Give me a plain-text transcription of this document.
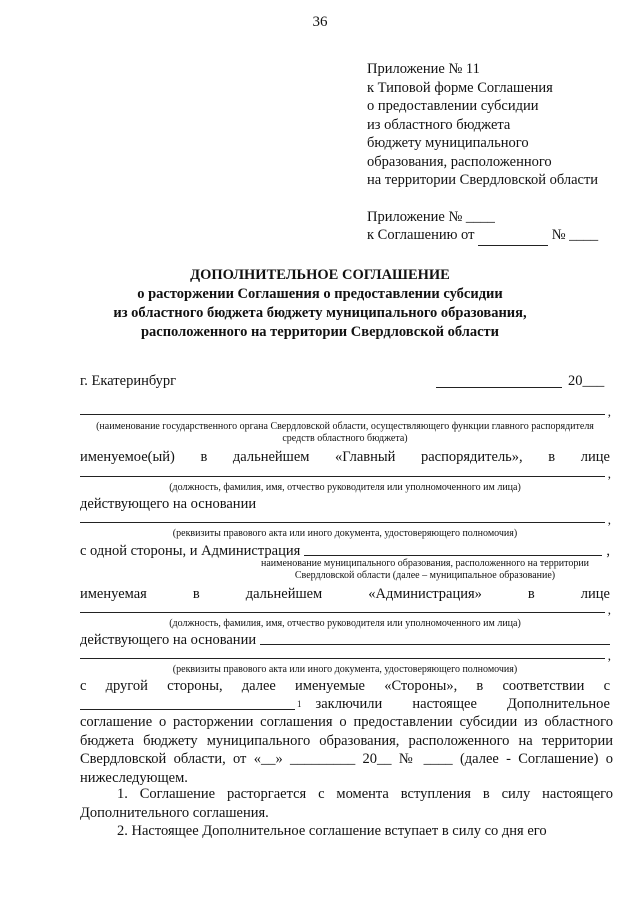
36
Приложение № 11
к Типовой форме Соглашения
о предоставлении субсидии
из областного бюджета
бюджету муниципального
образования, расположенного
на территории Свердловской области
Приложение № ____
к Соглашению от	№ ____
ДОПОЛНИТЕЛЬНОЕ СОГЛАШЕНИЕ
о расторжении Соглашения о предоставлении субсидии
из областного бюджета бюджету муниципального образования,
расположенного на территории Свердловской области
г. Екатеринбург	20___
,
(наименование государственного органа Свердловской области, осуществляющего функции главного распорядителя средств областного бюджета)
именуемое(ый) в дальнейшем «Главный распорядитель», в лице
,
(должность, фамилия, имя, отчество руководителя или уполномоченного им лица)
действующего на основании
,
(реквизиты правового акта или иного документа, удостоверяющего полномочия)
с одной стороны, и Администрация	,
наименование муниципального образования, расположенного на территории Свердловской области (далее – муниципальное образование)
именуемая	в	дальнейшем	«Администрация»	в	лице
,
(должность, фамилия, имя, отчество руководителя или уполномоченного им лица)
действующего на основании
,
(реквизиты правового акта или иного документа, удостоверяющего полномочия)
с другой стороны, далее именуемые «Стороны», в соответствии с
1 заключили настоящее Дополнительное
соглашение о расторжении соглашения о предоставлении субсидии из областного бюджета бюджету муниципального образования, расположенного на территории Свердловской области, от «__» _________ 20__ № ____ (далее - Соглашение) о нижеследующем.
1. Соглашение расторгается с момента вступления в силу настоящего Дополнительного соглашения.
2. Настоящее Дополнительное соглашение вступает в силу со дня его
